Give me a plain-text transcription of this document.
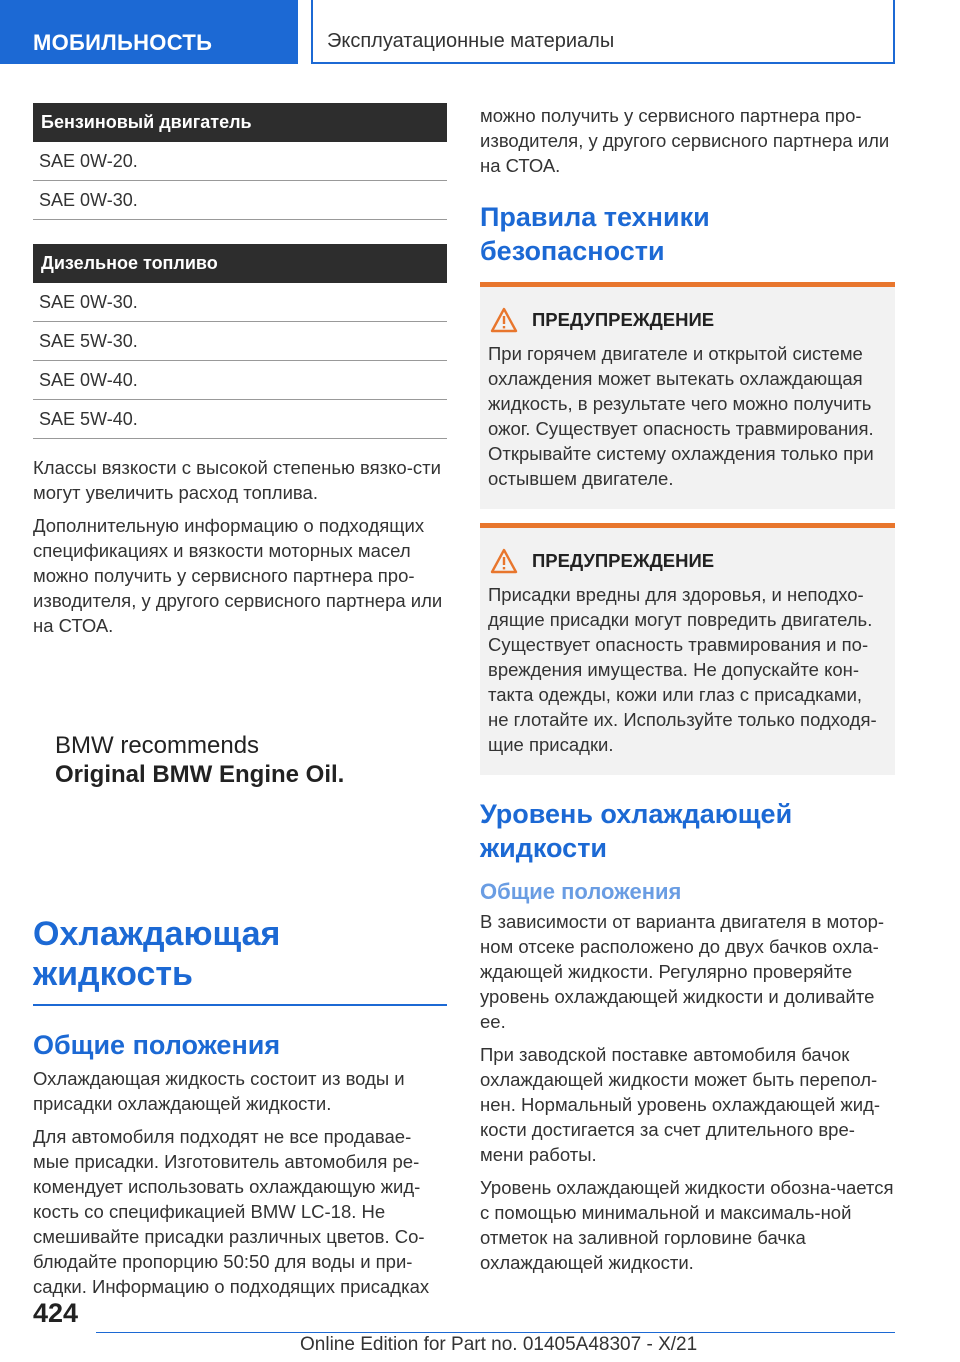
МОБИЛЬНОСТЬ	Эксплуатационные материалы
Бензиновый двигатель
SAE 0W-20.
SAE 0W-30.
Дизельное топливо
SAE 0W-30.
SAE 5W-30.
SAE 0W-40.
SAE 5W-40.

Классы вязкости с высокой степенью вязко-сти могут увеличить расход топлива.

Дополнительную информацию о подходящих спецификациях и вязкости моторных масел можно получить у сервисного партнера про-изводителя, у другого сервисного партнера или на СТОА.

BMW recommends
Original BMW Engine Oil.
Охлаждающая жидкость
Общие положения

Охлаждающая жидкость состоит из воды и присадки охлаждающей жидкости.

Для автомобиля подходят не все продавае-мые присадки. Изготовитель автомобиля ре-комендует использовать охлаждающую жид-кость со спецификацией BMW LC-18. Не смешивайте присадки различных цветов. Со-блюдайте пропорцию 50:50 для воды и при-садки. Информацию о подходящих присадках

можно получить у сервисного партнера про-изводителя, у другого сервисного партнера или на СТОА.

Правила техники безопасности
ПРЕДУПРЕЖДЕНИЕ

При горячем двигателе и открытой системе охлаждения может вытекать охлаждающая жидкость, в результате чего можно получить ожог. Существует опасность травмирования. Открывайте систему охлаждения только при остывшем двигателе.

ПРЕДУПРЕЖДЕНИЕ

Присадки вредны для здоровья, и неподхо-дящие присадки могут повредить двигатель. Существует опасность травмирования и по-вреждения имущества. Не допускайте кон-такта одежды, кожи или глаз с присадками, не глотайте их. Используйте только подходя-щие присадки.

Уровень охлаждающей жидкости
Общие положения

В зависимости от варианта двигателя в мотор-ном отсеке расположено до двух бачков охла-ждающей жидкости. Регулярно проверяйте уровень охлаждающей жидкости и доливайте ее.

При заводской поставке автомобиля бачок охлаждающей жидкости может быть перепол-нен. Нормальный уровень охлаждающей жид-кости достигается за счет длительного вре-мени работы.

Уровень охлаждающей жидкости обозна-чается с помощью минимальной и максималь-ной отметок на заливной горловине бачка охлаждающей жидкости.

424
Online Edition for Part no. 01405A48307 - X/21
